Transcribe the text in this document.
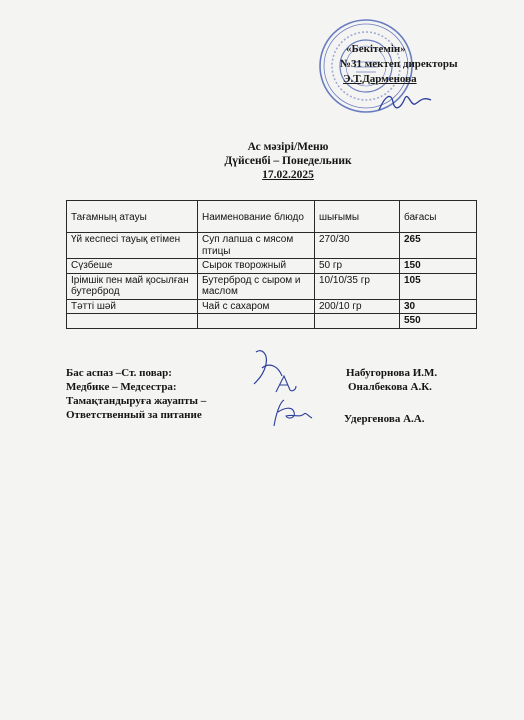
«Бекітемін»
№31 мектеп директоры
Э.Т.Дарменова
Ас мәзірі/Меню
Дүйсенбі – Понедельник
17.02.2025
Тағамның атауы	Наименование блюдо	шығымы	бағасы
Үй кеспесі тауық етімен	Суп лапша с мясом птицы	270/30	265
Сүзбеше	Сырок творожный	50 гр	150
Ірімшік пен май қосылған бутерброд	Бутерброд с сыром и маслом	10/10/35 гр	105
Тәтті шәй	Чай с сахаром	200/10 гр	30
			550
Бас аспаз –Ст. повар:
Медбике – Медсестра:
Тамақтандыруға жауапты –
Ответственный за питание
Набугорнова И.М.
Оналбекова А.К.
Удергенова А.А.
